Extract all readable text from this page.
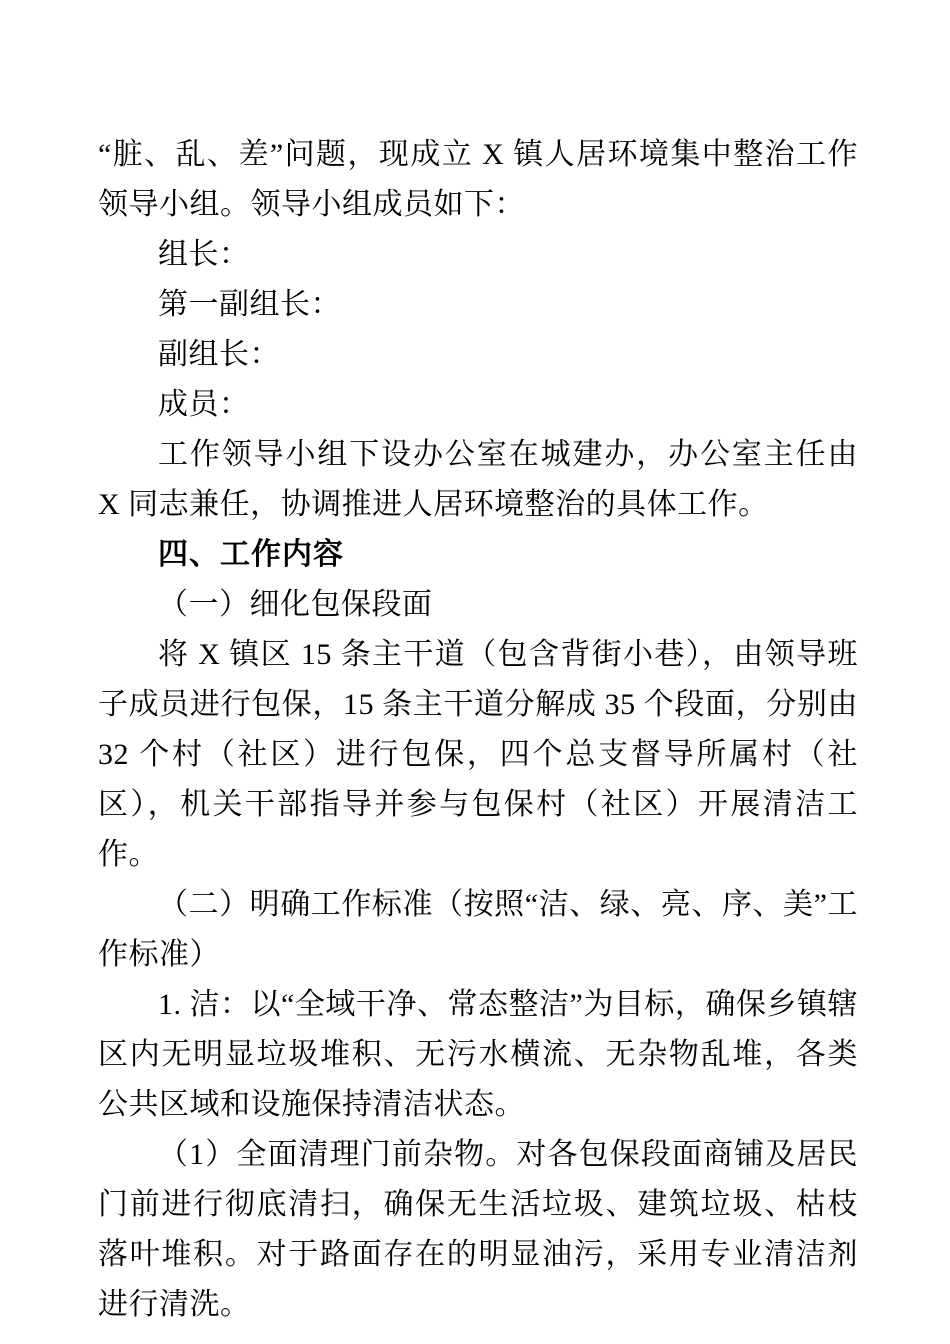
“脏、乱、差”问题，现成立 X 镇人居环境集中整治工作领导小组。领导小组成员如下：

组长：

第一副组长：

副组长：

成员：

工作领导小组下设办公室在城建办，办公室主任由 X 同志兼任，协调推进人居环境整治的具体工作。

四、工作内容

（一）细化包保段面

将 X 镇区 15 条主干道（包含背街小巷），由领导班子成员进行包保，15 条主干道分解成 35 个段面，分别由 32 个村（社区）进行包保，四个总支督导所属村（社区），机关干部指导并参与包保村（社区）开展清洁工作。

（二）明确工作标准（按照“洁、绿、亮、序、美”工作标准）

1. 洁：以“全域干净、常态整洁”为目标，确保乡镇辖区内无明显垃圾堆积、无污水横流、无杂物乱堆，各类公共区域和设施保持清洁状态。

（1）全面清理门前杂物。对各包保段面商铺及居民门前进行彻底清扫，确保无生活垃圾、建筑垃圾、枯枝落叶堆积。对于路面存在的明显油污，采用专业清洁剂进行清洗。
